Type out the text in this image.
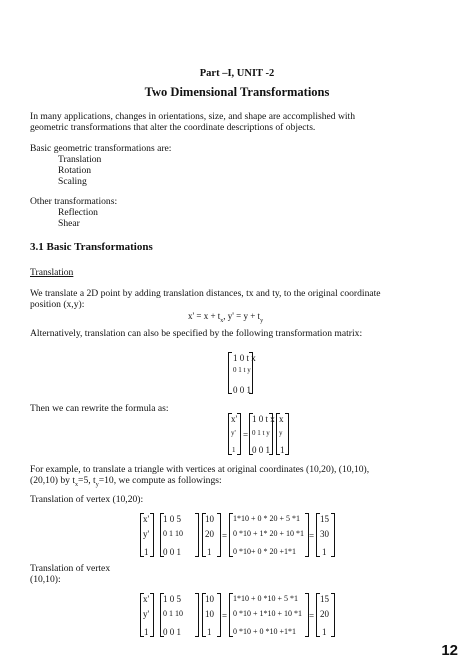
Part –I, UNIT -2
Two Dimensional Transformations
In many applications, changes in orientations, size, and shape are accomplished with
geometric transformations that alter the coordinate descriptions of objects.
Basic geometric transformations are:
Translation
Rotation
Scaling
Other transformations:
Reflection
Shear
3.1 Basic Transformations
Translation
We translate a 2D point by adding translation distances, tx and ty, to the original coordinate
position (x,y):
$x' = x + t_x$, $y' = y + t_y$
Alternatively, translation can also be specified by the following transformation matrix:
1 0 t x
0 1 t y
0 0 1
Then we can rewrite the formula as:
x'
y'
1
=
1 0 t x
0 1 t y
0 0 1
x
y
1
For example, to translate a triangle with vertices at original coordinates (10,20), (10,10),
(20,10) by $t_x=5$, $t_y=10$, we compute as followings:
Translation of vertex (10,20):
x'
y'
1
1 0 5
0 1 10
0 0 1
10
20
1
=
1*10 + 0 * 20 + 5 *1
0 *10 + 1* 20 + 10 *1
0 *10+ 0 * 20 +1*1
=
15
30
1
Translation of vertex
(10,10):
x'
y'
1
1 0 5
0 1 10
0 0 1
10
10
1
=
1*10 + 0 *10 + 5 *1
0 *10 + 1*10 + 10 *1
0 *10 + 0 *10 +1*1
=
15
20
1
12
